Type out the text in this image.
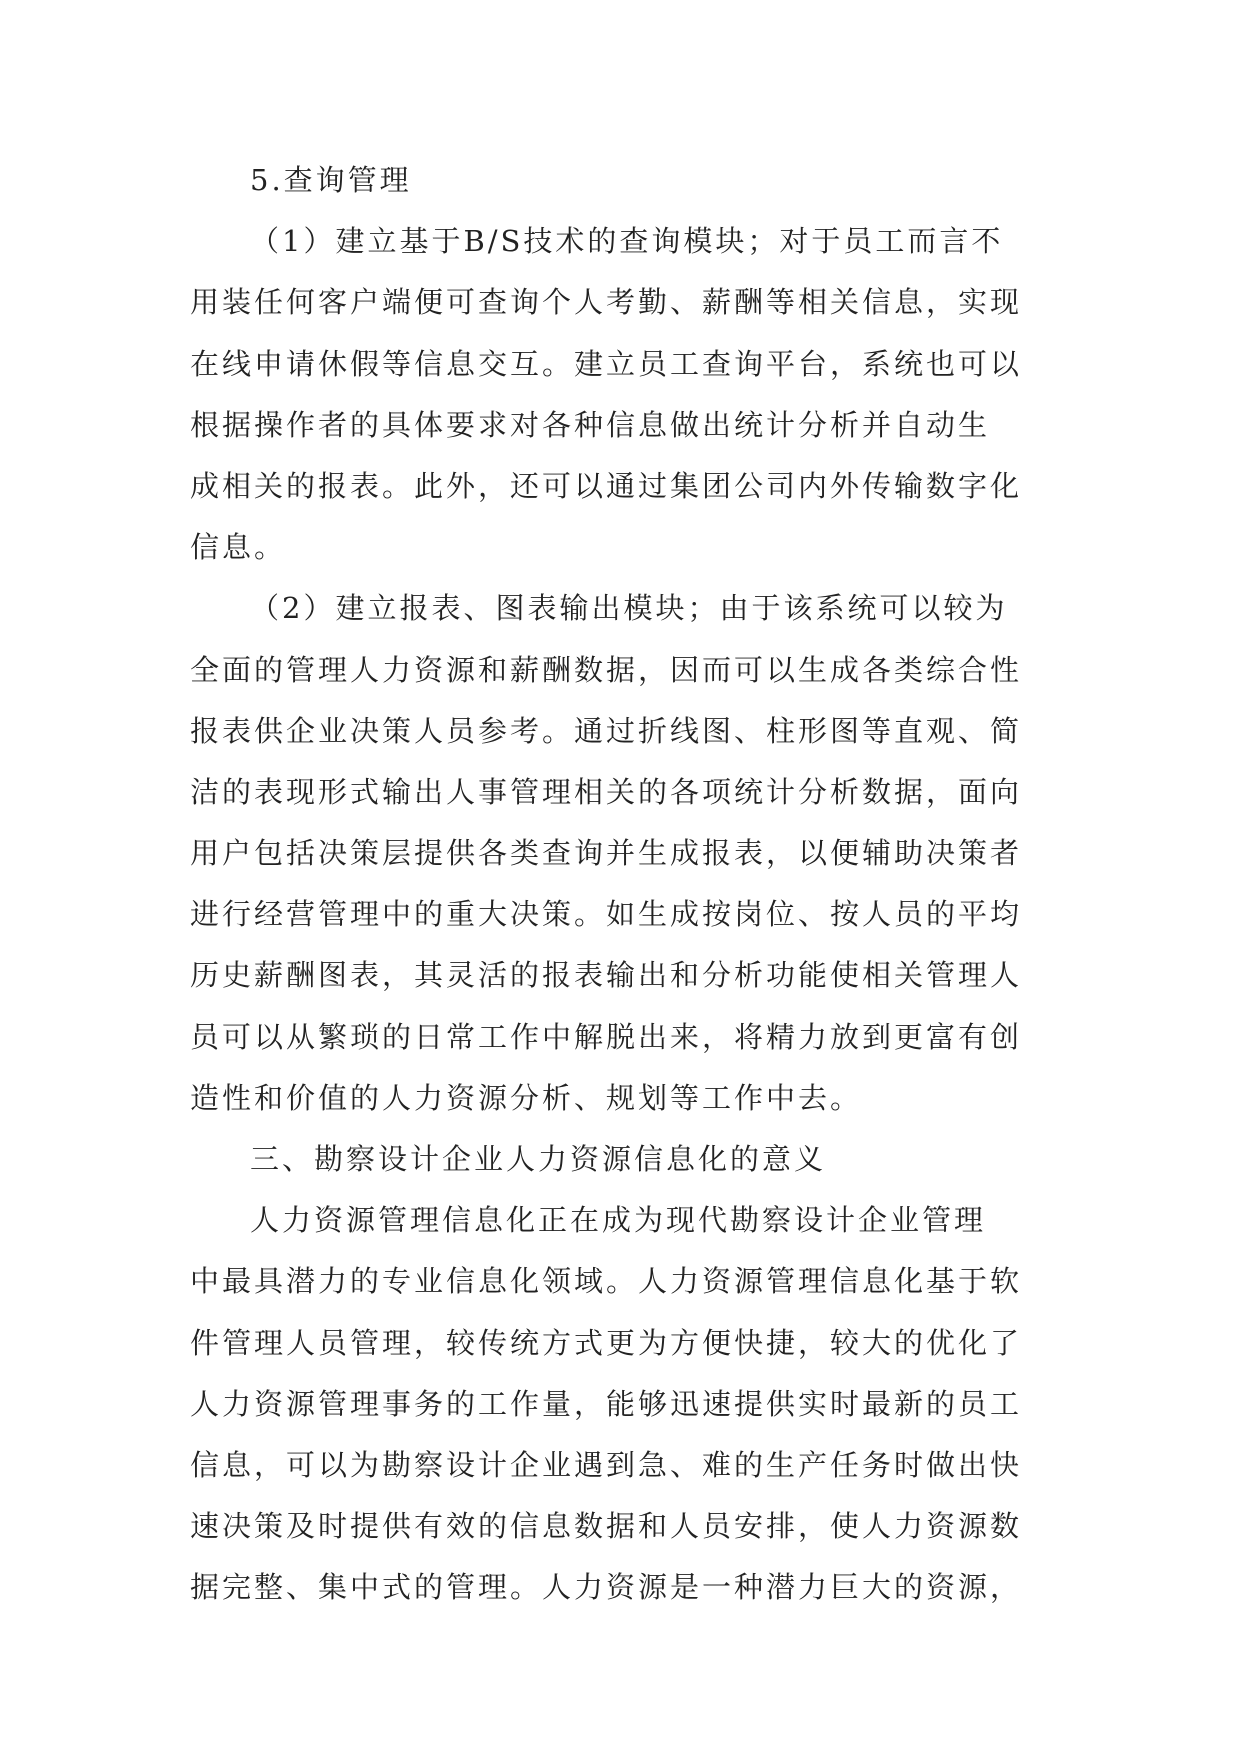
5.查询管理
（1）建立基于B/S技术的查询模块；对于员工而言不
用装任何客户端便可查询个人考勤、薪酬等相关信息，实现
在线申请休假等信息交互。建立员工查询平台，系统也可以
根据操作者的具体要求对各种信息做出统计分析并自动生
成相关的报表。此外，还可以通过集团公司内外传输数字化
信息。
（2）建立报表、图表输出模块；由于该系统可以较为
全面的管理人力资源和薪酬数据，因而可以生成各类综合性
报表供企业决策人员参考。通过折线图、柱形图等直观、简
洁的表现形式输出人事管理相关的各项统计分析数据，面向
用户包括决策层提供各类查询并生成报表，以便辅助决策者
进行经营管理中的重大决策。如生成按岗位、按人员的平均
历史薪酬图表，其灵活的报表输出和分析功能使相关管理人
员可以从繁琐的日常工作中解脱出来，将精力放到更富有创
造性和价值的人力资源分析、规划等工作中去。
三、勘察设计企业人力资源信息化的意义
人力资源管理信息化正在成为现代勘察设计企业管理
中最具潜力的专业信息化领域。人力资源管理信息化基于软
件管理人员管理，较传统方式更为方便快捷，较大的优化了
人力资源管理事务的工作量，能够迅速提供实时最新的员工
信息，可以为勘察设计企业遇到急、难的生产任务时做出快
速决策及时提供有效的信息数据和人员安排，使人力资源数
据完整、集中式的管理。人力资源是一种潜力巨大的资源，
